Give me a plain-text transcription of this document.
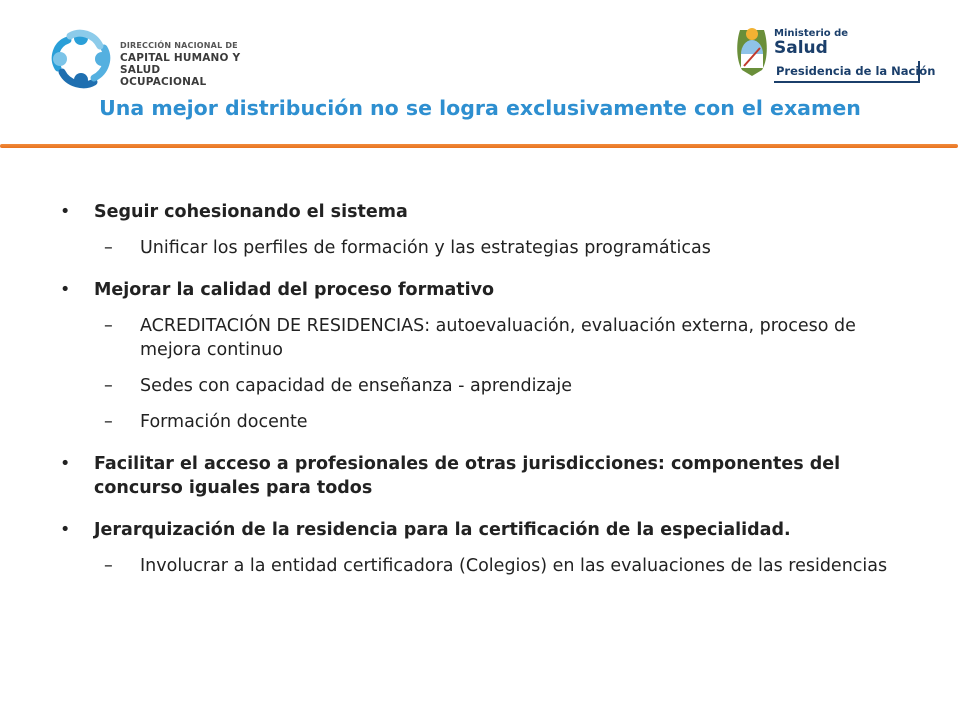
DIRECCIÓN NACIONAL DE
CAPITAL HUMANO Y
SALUD OCUPACIONAL
Ministerio de
Salud
Presidencia de la Nación
Una mejor distribución no se logra exclusivamente con el examen
• Seguir cohesionando el sistema
– Unificar los perfiles de formación y las estrategias programáticas
• Mejorar la calidad del proceso formativo
– ACREDITACIÓN DE RESIDENCIAS: autoevaluación, evaluación externa, proceso de mejora continuo
– Sedes con capacidad de enseñanza - aprendizaje
– Formación docente
• Facilitar el acceso a profesionales de otras jurisdicciones: componentes del concurso iguales para todos
• Jerarquización de la residencia para la certificación de la especialidad.
– Involucrar a la entidad certificadora (Colegios) en las evaluaciones de las residencias
